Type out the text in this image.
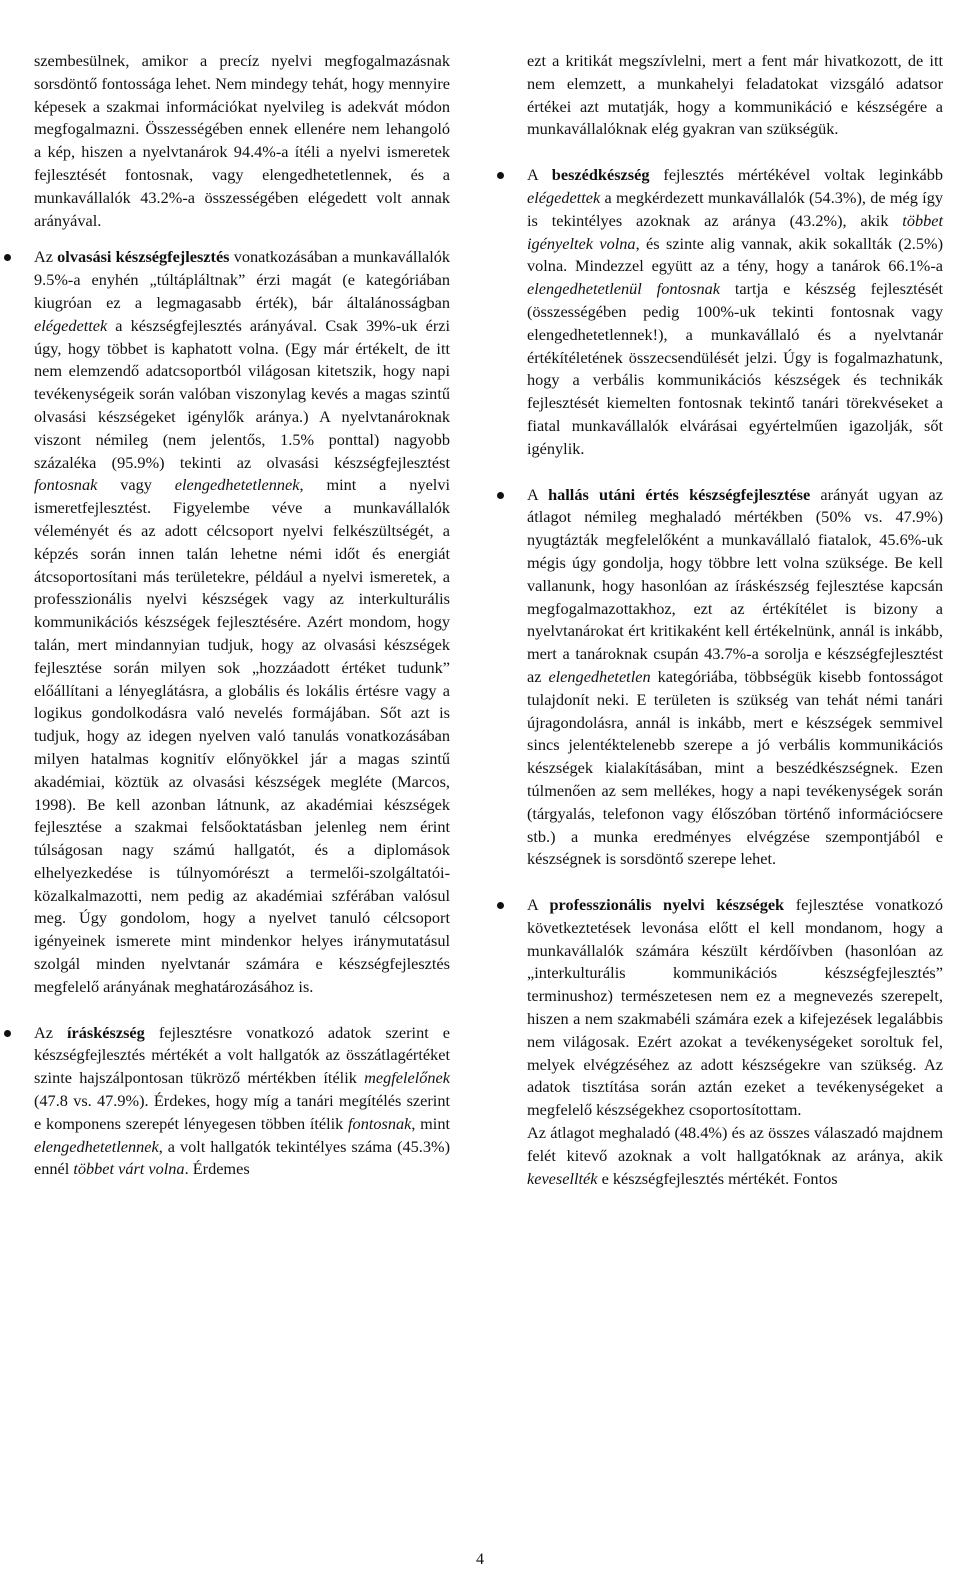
szembesülnek, amikor a precíz nyelvi megfogalmazásnak sorsdöntő fontossága lehet. Nem mindegy tehát, hogy mennyire képesek a szakmai információkat nyelvileg is adekvát módon megfogalmazni. Összességében ennek ellenére nem lehangoló a kép, hiszen a nyelvtanárok 94.4%-a ítéli a nyelvi ismeretek fejlesztését fontosnak, vagy elengedhetetlennek, és a munkavállalók 43.2%-a összességében elégedett volt annak arányával.

Az olvasási készségfejlesztés vonatkozásában a munkavállalók 9.5%-a enyhén „túltápláltnak” érzi magát (e kategóriában kiugróan ez a legmagasabb érték), bár általánosságban elégedettek a készségfejlesztés arányával. Csak 39%-uk érzi úgy, hogy többet is kaphatott volna. (Egy már értékelt, de itt nem elemzendő adatcsoportból világosan kitetszik, hogy napi tevékenységeik során valóban viszonylag kevés a magas szintű olvasási készségeket igénylők aránya.) A nyelvtanároknak viszont némileg (nem jelentős, 1.5% ponttal) nagyobb százaléka (95.9%) tekinti az olvasási készségfejlesztést fontosnak vagy elengedhetetlennek, mint a nyelvi ismeretfejlesztést. Figyelembe véve a munkavállalók véleményét és az adott célcsoport nyelvi felkészültségét, a képzés során innen talán lehetne némi időt és energiát átcsoportosítani más területekre, például a nyelvi ismeretek, a professzionális nyelvi készségek vagy az interkulturális kommunikációs készségek fejlesztésére. Azért mondom, hogy talán, mert mindannyian tudjuk, hogy az olvasási készségek fejlesztése során milyen sok „hozzáadott értéket tudunk” előállítani a lényeglátásra, a globális és lokális értésre vagy a logikus gondolkodásra való nevelés formájában. Sőt azt is tudjuk, hogy az idegen nyelven való tanulás vonatkozásában milyen hatalmas kognitív előnyökkel jár a magas szintű akadémiai, köztük az olvasási készségek megléte (Marcos, 1998). Be kell azonban látnunk, az akadémiai készségek fejlesztése a szakmai felsőoktatásban jelenleg nem érint túlságosan nagy számú hallgatót, és a diplomások elhelyezkedése is túlnyomórészt a termelői-szolgáltatói-közalkalmazotti, nem pedig az akadémiai szférában valósul meg. Úgy gondolom, hogy a nyelvet tanuló célcsoport igényeinek ismerete mint mindenkor helyes iránymutatásul szolgál minden nyelvtanár számára e készségfejlesztés megfelelő arányának meghatározásához is.

Az íráskészség fejlesztésre vonatkozó adatok szerint e készségfejlesztés mértékét a volt hallgatók az összátlagértéket szinte hajszálpontosan tükröző mértékben ítélik megfelelőnek (47.8 vs. 47.9%). Érdekes, hogy míg a tanári megítélés szerint e komponens szerepét lényegesen többen ítélik fontosnak, mint elengedhetetlennek, a volt hallgatók tekintélyes száma (45.3%) ennél többet várt volna. Érdemes

ezt a kritikát megszívlelni, mert a fent már hivatkozott, de itt nem elemzett, a munkahelyi feladatokat vizsgáló adatsor értékei azt mutatják, hogy a kommunikáció e készségére a munkavállalóknak elég gyakran van szükségük.

A beszédkészség fejlesztés mértékével voltak leginkább elégedettek a megkérdezett munkavállalók (54.3%), de még így is tekintélyes azoknak az aránya (43.2%), akik többet igényeltek volna, és szinte alig vannak, akik sokallták (2.5%) volna. Mindezzel együtt az a tény, hogy a tanárok 66.1%-a elengedhetetlenül fontosnak tartja e készség fejlesztését (összességében pedig 100%-uk tekinti fontosnak vagy elengedhetetlennek!), a munkavállaló és a nyelvtanár értékítéletének összecsendülését jelzi. Úgy is fogalmazhatunk, hogy a verbális kommunikációs készségek és technikák fejlesztését kiemelten fontosnak tekintő tanári törekvéseket a fiatal munkavállalók elvárásai egyértelműen igazolják, sőt igénylik.

A hallás utáni értés készségfejlesztése arányát ugyan az átlagot némileg meghaladó mértékben (50% vs. 47.9%) nyugtázták megfelelőként a munkavállaló fiatalok, 45.6%-uk mégis úgy gondolja, hogy többre lett volna szüksége. Be kell vallanunk, hogy hasonlóan az íráskészség fejlesztése kapcsán megfogalmazottakhoz, ezt az értékítélet is bizony a nyelvtanárokat ért kritikaként kell értékelnünk, annál is inkább, mert a tanároknak csupán 43.7%-a sorolja e készségfejlesztést az elengedhetetlen kategóriába, többségük kisebb fontosságot tulajdonít neki. E területen is szükség van tehát némi tanári újragondolásra, annál is inkább, mert e készségek semmivel sincs jelentéktelenebb szerepe a jó verbális kommunikációs készségek kialakításában, mint a beszédkészségnek. Ezen túlmenően az sem mellékes, hogy a napi tevékenységek során (tárgyalás, telefonon vagy élőszóban történő információcsere stb.) a munka eredményes elvégzése szempontjából e készségnek is sorsdöntő szerepe lehet.

A professzionális nyelvi készségek fejlesztése vonatkozó következtetések levonása előtt el kell mondanom, hogy a munkavállalók számára készült kérdőívben (hasonlóan az „interkulturális kommunikációs készségfejlesztés” terminushoz) természetesen nem ez a megnevezés szerepelt, hiszen a nem szakmabéli számára ezek a kifejezések legalábbis nem világosak. Ezért azokat a tevékenységeket soroltuk fel, melyek elvégzéséhez az adott készségekre van szükség. Az adatok tisztítása során aztán ezeket a tevékenységeket a megfelelő készségekhez csoportosítottam.

Az átlagot meghaladó (48.4%) és az összes válaszadó majdnem felét kitevő azoknak a volt hallgatóknak az aránya, akik kevesellték e készségfejlesztés mértékét. Fontos

4
